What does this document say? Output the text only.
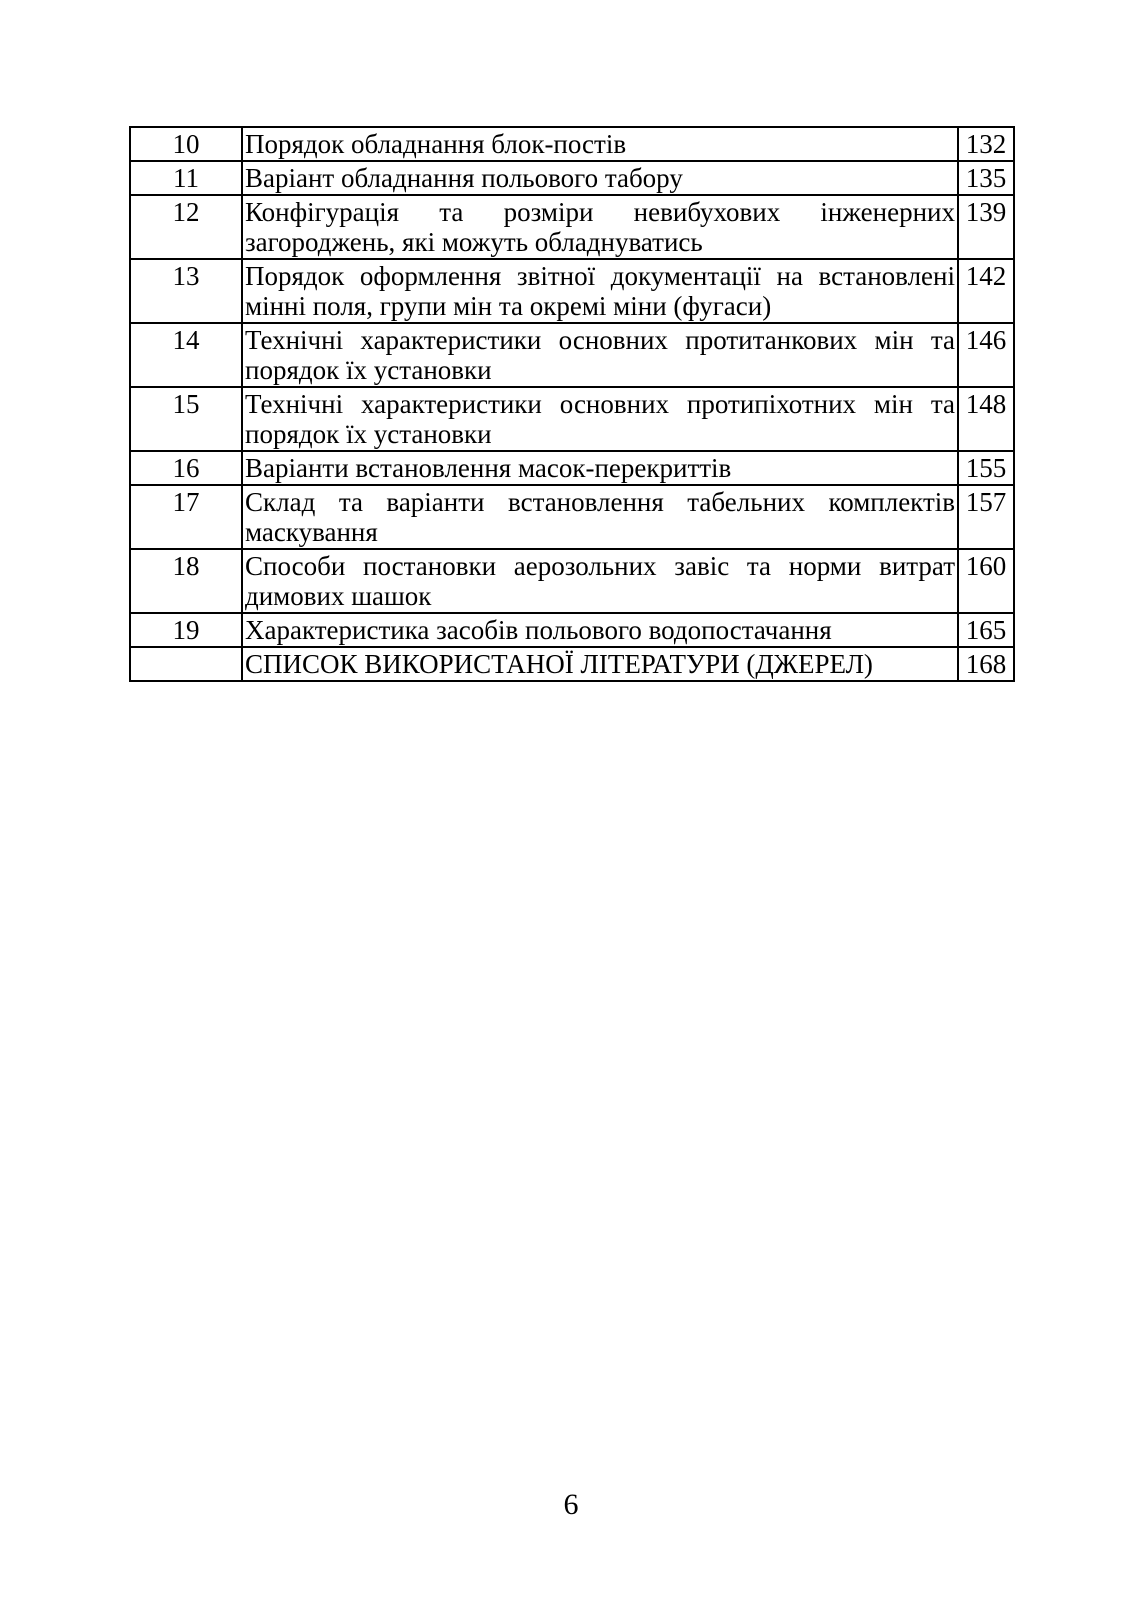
10	Порядок обладнання блок-постів	132
11	Варіант обладнання польового табору	135
12	Конфігурація та розміри невибухових інженерних загороджень, які можуть обладнуватись	139
13	Порядок оформлення звітної документації на встановлені мінні поля, групи мін та окремі міни (фугаси)	142
14	Технічні характеристики основних протитанкових мін та порядок їх установки	146
15	Технічні характеристики основних протипіхотних мін та порядок їх установки	148
16	Варіанти встановлення масок-перекриттів	155
17	Склад та варіанти встановлення табельних комплектів маскування	157
18	Способи постановки аерозольних завіс та норми витрат димових шашок	160
19	Характеристика засобів польового водопостачання	165
	СПИСОК ВИКОРИСТАНОЇ ЛІТЕРАТУРИ (ДЖЕРЕЛ)	168
6
